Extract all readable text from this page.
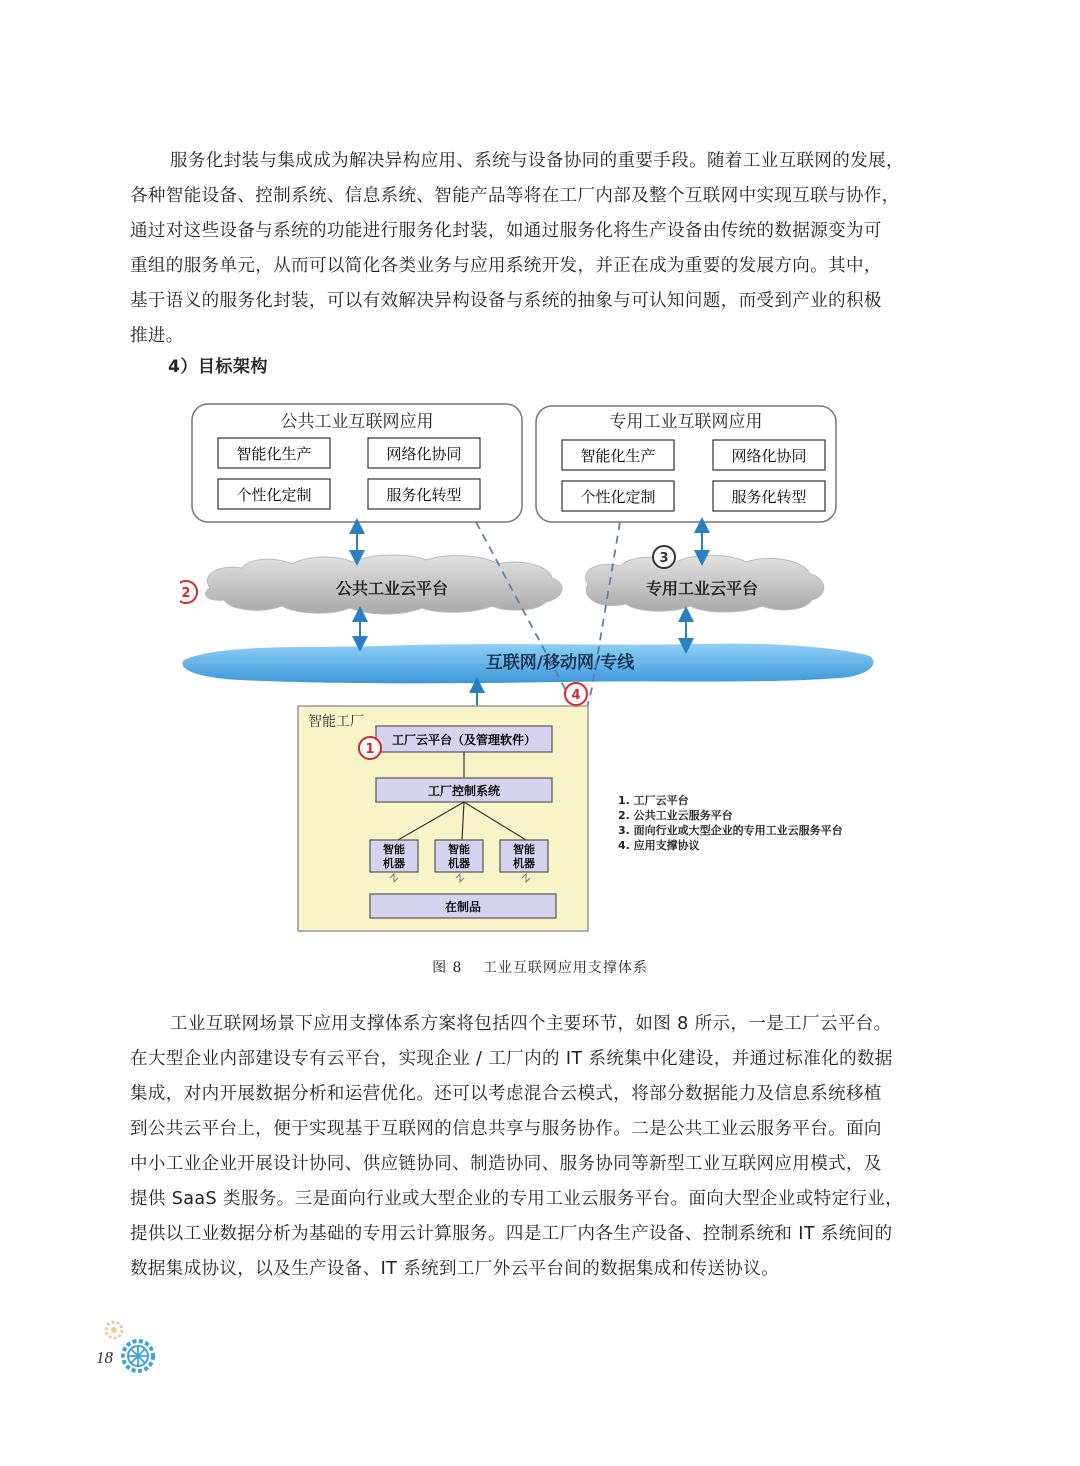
服务化封装与集成成为解决异构应用、系统与设备协同的重要手段。随着工业互联网的发展，
各种智能设备、控制系统、信息系统、智能产品等将在工厂内部及整个互联网中实现互联与协作，
通过对这些设备与系统的功能进行服务化封装，如通过服务化将生产设备由传统的数据源变为可
重组的服务单元，从而可以简化各类业务与应用系统开发，并正在成为重要的发展方向。其中，
基于语义的服务化封装，可以有效解决异构设备与系统的抽象与可认知问题，而受到产业的积极
推进。

4）目标架构
公共工业互联网应用
智能化生产	网络化协同
个性化定制	服务化转型
专用工业互联网应用
智能化生产	网络化协同
个性化定制	服务化转型
公共工业云平台	专用工业云平台
互联网/移动网/专线
智能工厂
工厂云平台（及管理软件）
工厂控制系统
智能
机器
智能
机器
智能
机器
在制品
1
2
3
4
1. 工厂云平台
2. 公共工业云服务平台
3. 面向行业或大型企业的专用工业云服务平台
4. 应用支撑协议
图 8　 工业互联网应用支撑体系

工业互联网场景下应用支撑体系方案将包括四个主要环节，如图 8 所示，一是工厂云平台。
在大型企业内部建设专有云平台，实现企业 / 工厂内的 IT 系统集中化建设，并通过标准化的数据
集成，对内开展数据分析和运营优化。还可以考虑混合云模式，将部分数据能力及信息系统移植
到公共云平台上，便于实现基于互联网的信息共享与服务协作。二是公共工业云服务平台。面向
中小工业企业开展设计协同、供应链协同、制造协同、服务协同等新型工业互联网应用模式，及
提供 SaaS 类服务。三是面向行业或大型企业的专用工业云服务平台。面向大型企业或特定行业，
提供以工业数据分析为基础的专用云计算服务。四是工厂内各生产设备、控制系统和 IT 系统间的
数据集成协议，以及生产设备、IT 系统到工厂外云平台间的数据集成和传送协议。

18
